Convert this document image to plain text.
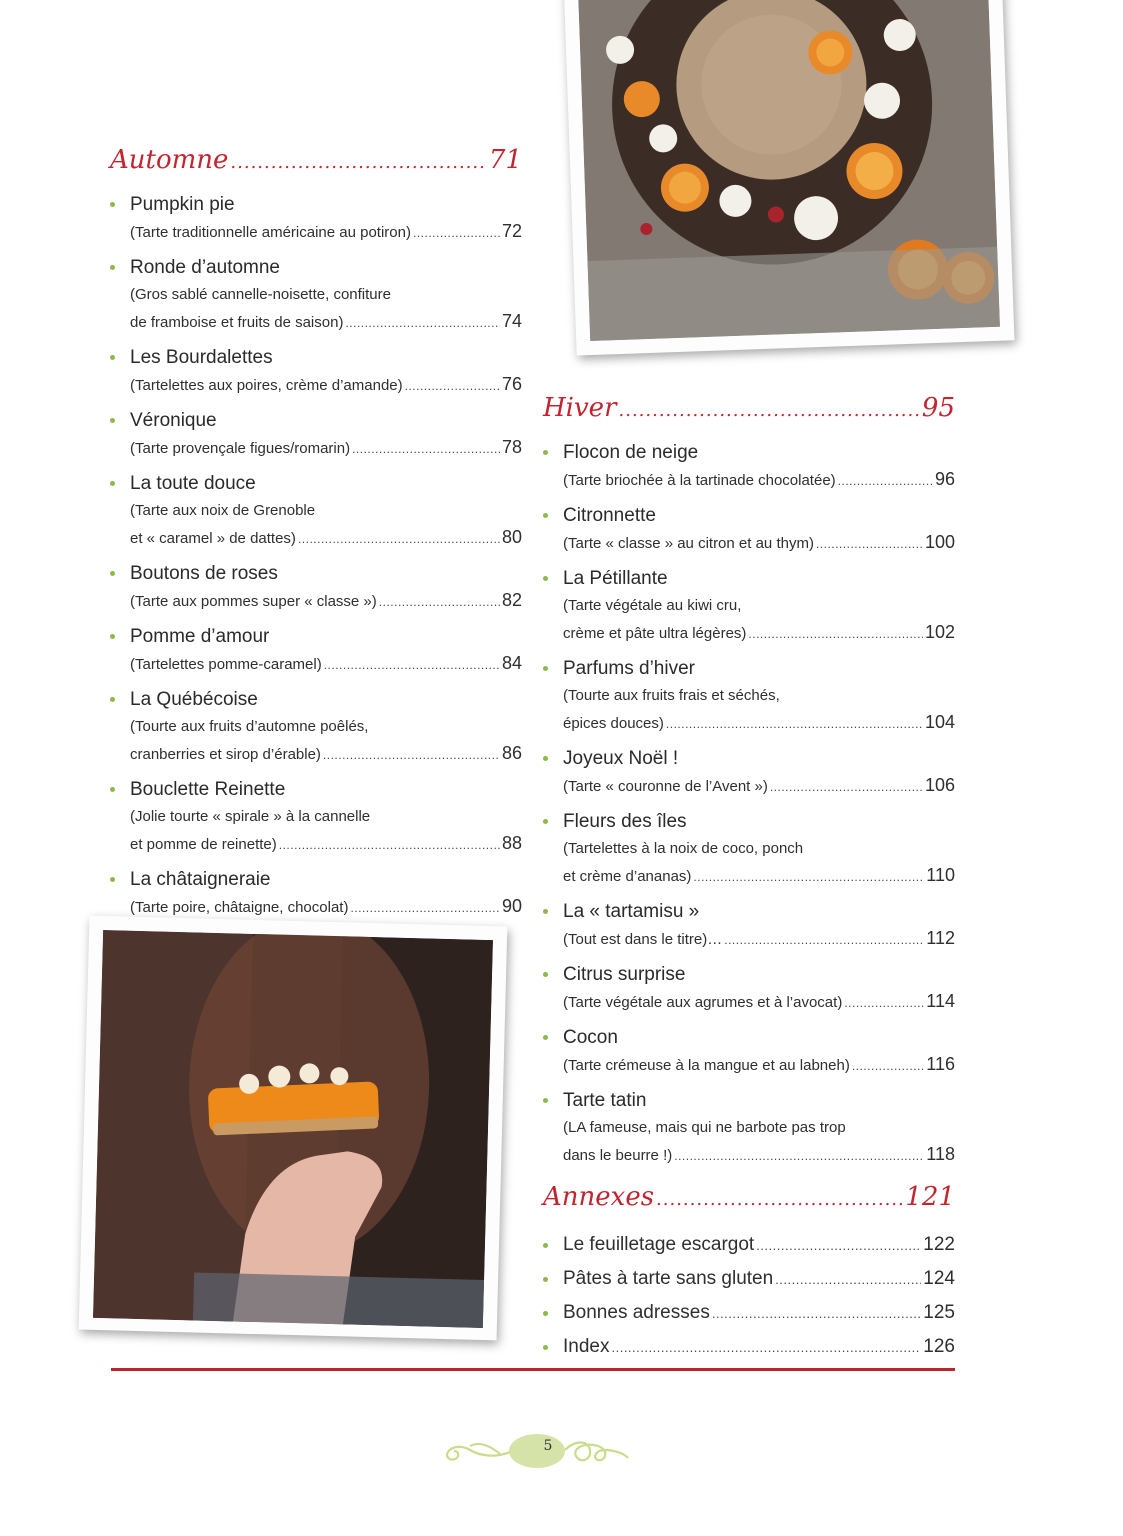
Automne .....	71
Pumpkin pie
(Tarte traditionnelle américaine au potiron) .....	72
Ronde d’automne
(Gros sablé cannelle-noisette, confiture
de framboise et fruits de saison) .....	74
Les Bourdalettes
(Tartelettes aux poires, crème d’amande) .....	76
Véronique
(Tarte provençale figues/romarin) .....	78
La toute douce
(Tarte aux noix de Grenoble
et « caramel » de dattes) .....	80
Boutons de roses
(Tarte aux pommes super « classe ») .....	82
Pomme d’amour
(Tartelettes pomme-caramel) .....	84
La Québécoise
(Tourte aux fruits d’automne poêlés,
cranberries et sirop d’érable) .....	86
Bouclette Reinette
(Jolie tourte « spirale » à la cannelle
et pomme de reinette) .....	88
La châtaigneraie
(Tarte poire, châtaigne, chocolat) .....	90
Hiver .....	95
Flocon de neige
(Tarte briochée à la tartinade chocolatée) .....	96
Citronnette
(Tarte « classe » au citron et au thym) .....	100
La Pétillante
(Tarte végétale au kiwi cru,
crème et pâte ultra légères) .....	102
Parfums d’hiver
(Tourte aux fruits frais et séchés,
épices douces) .....	104
Joyeux Noël !
(Tarte « couronne de l’Avent ») .....	106
Fleurs des îles
(Tartelettes à la noix de coco, ponch
et crème d’ananas) .....	110
La « tartamisu »
(Tout est dans le titre)… .....	112
Citrus surprise
(Tarte végétale aux agrumes et à l’avocat) .....	114
Cocon
(Tarte crémeuse à la mangue et au labneh) .....	116
Tarte tatin
(LA fameuse, mais qui ne barbote pas trop
dans le beurre !) .....	118
Annexes .....	121
Le feuilletage escargot .....	122
Pâtes à tarte sans gluten .....	124
Bonnes adresses .....	125
Index .....	126
5
